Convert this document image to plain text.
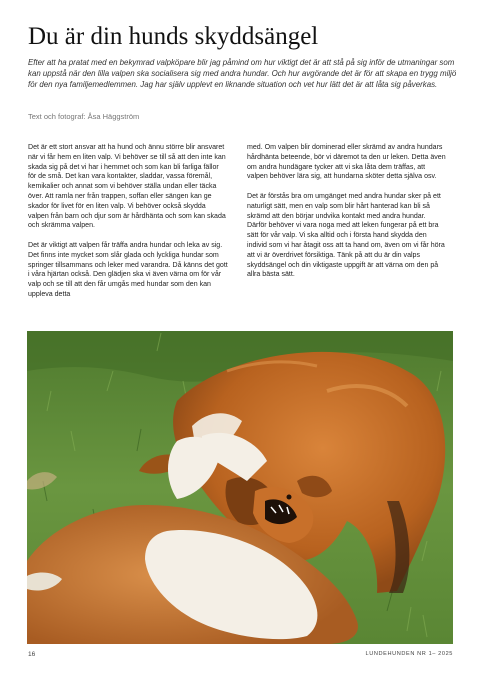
Du är din hunds skyddsängel

Efter att ha pratat med en bekymrad valpköpare blir jag påmind om hur viktigt det är att stå på sig inför de utmaningar som kan uppstå när den lilla valpen ska socialisera sig med andra hundar. Och hur avgörande det är för att skapa en trygg miljö för den nya familjemedlemmen. Jag har själv upplevt en liknande situation och vet hur lätt det är att låta sig påverkas.

Text och fotograf: Åsa Häggström

Det är ett stort ansvar att ha hund och ännu större blir ansvaret när vi får hem en liten valp. Vi behöver se till så att den inte kan skada sig på det vi har i hemmet och som kan bli farliga fällor för de små. Det kan vara kontakter, sladdar, vassa föremål, kemikalier och annat som vi behöver ställa undan eller täcka över. Att ramla ner från trappen, soffan eller sängen kan ge skador för livet för en liten valp. Vi behöver också skydda valpen från barn och djur som är hårdhänta och som kan skada och skrämma valpen.

Det är viktigt att valpen får träffa andra hundar och leka av sig. Det finns inte mycket som slår glada och lyckliga hundar som springer tillsammans och leker med varandra. Då känns det gott i våra hjärtan också. Den glädjen ska vi även värna om för vår valp och se till att den får umgås med hundar som den kan uppleva detta

med. Om valpen blir dominerad eller skrämd av andra hundars hårdhänta beteende, bör vi däremot ta den ur leken. Detta även om andra hundägare tycker att vi ska låta dem träffas, att valpen behöver lära sig, att hundarna sköter detta själva osv.

Det är förstås bra om umgänget med andra hundar sker på ett naturligt sätt, men en valp som blir hårt hanterad kan bli så skrämd att den börjar undvika kontakt med andra hundar. Därför behöver vi vara noga med att leken fungerar på ett bra sätt för vår valp. Vi ska alltid och i första hand skydda den individ som vi har åtagit oss att ta hand om, även om vi får höra att vi är överdrivet försiktiga. Tänk på att du är din valps skyddsängel och din viktigaste uppgift är att värna om den på allra bästa sätt.

16	LUNDEHUNDEN NR 1– 2025
